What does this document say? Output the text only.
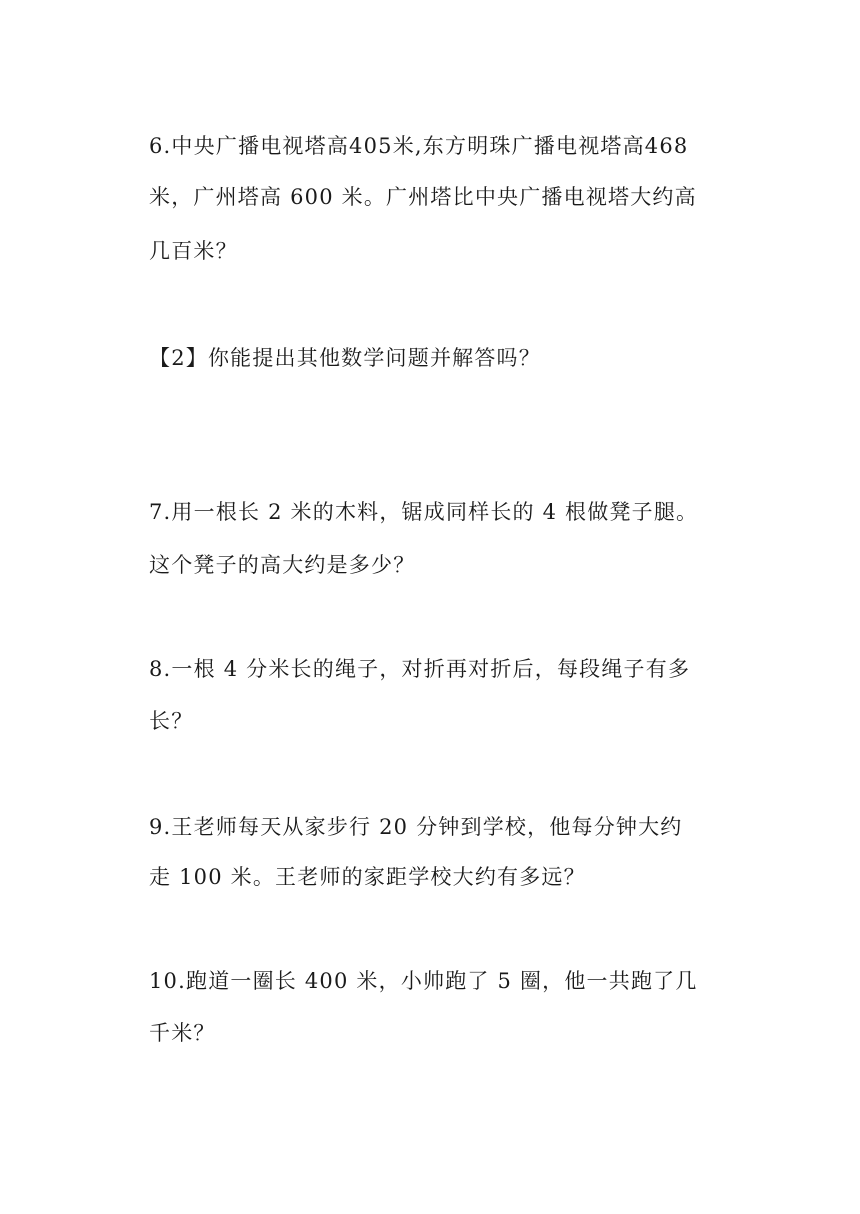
6.中央广播电视塔高405米,东方明珠广播电视塔高468
米，广州塔高 600 米。广州塔比中央广播电视塔大约高
几百米？
【2】你能提出其他数学问题并解答吗？
7.用一根长 2 米的木料，锯成同样长的 4 根做凳子腿。
这个凳子的高大约是多少？
8.一根 4 分米长的绳子，对折再对折后，每段绳子有多
长？
9.王老师每天从家步行 20 分钟到学校，他每分钟大约
走 100 米。王老师的家距学校大约有多远？
10.跑道一圈长 400 米，小帅跑了 5 圈，他一共跑了几
千米？
